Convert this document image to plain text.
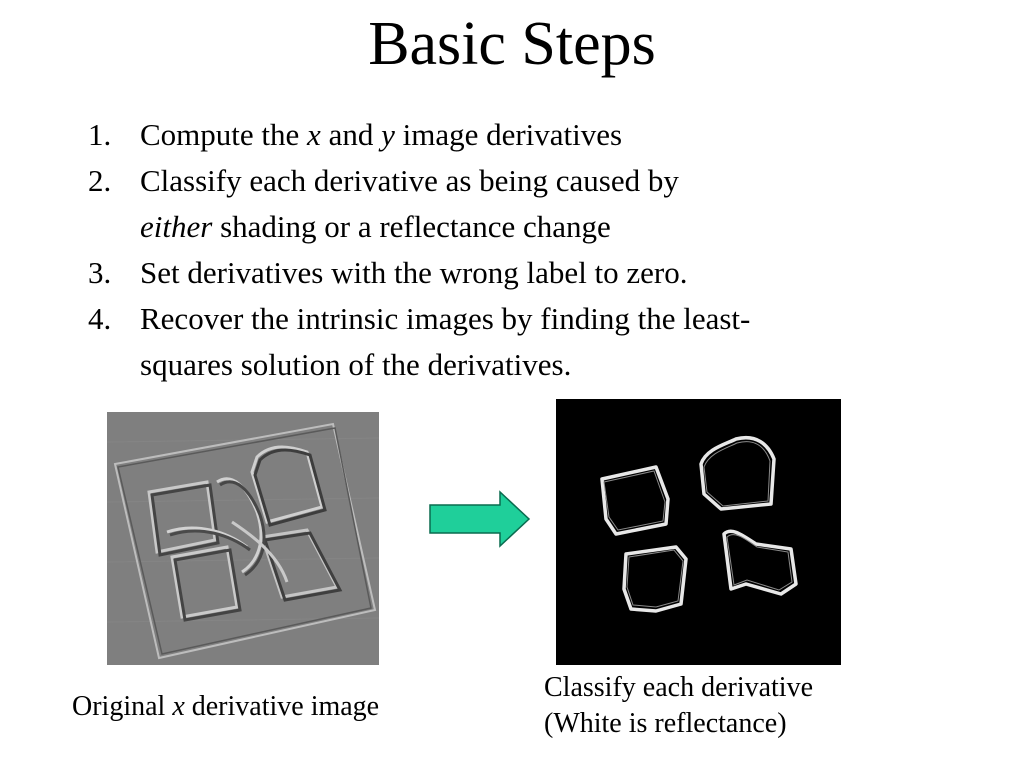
Basic Steps
1. Compute the x and y image derivatives
2. Classify each derivative as being caused by
either shading or a reflectance change
3. Set derivatives with the wrong label to zero.
4. Recover the intrinsic images by finding the least-
squares solution of the derivatives.
Original x derivative image
Classify each derivative
(White is reflectance)
